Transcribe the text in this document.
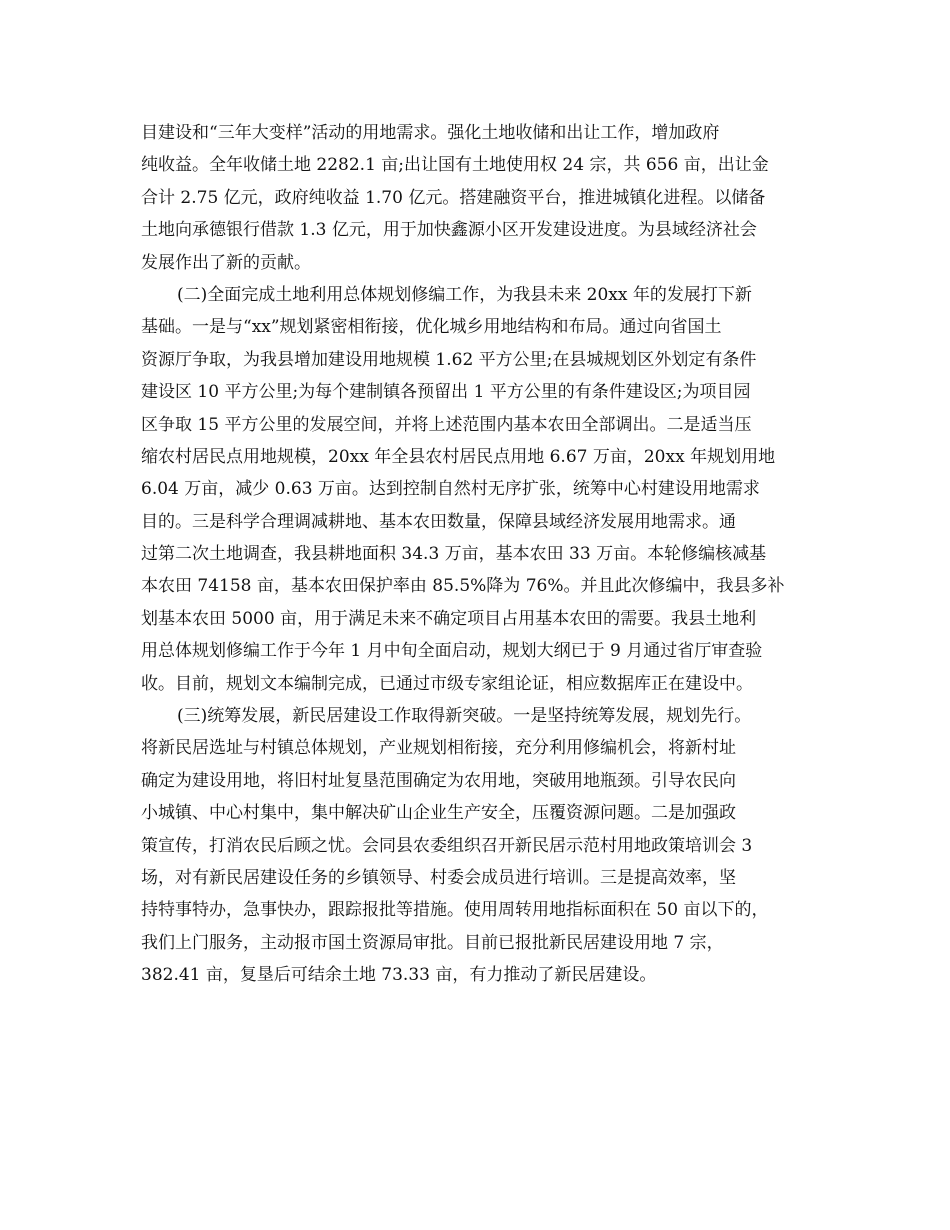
目建设和“三年大变样”活动的用地需求。强化土地收储和出让工作，增加政府
纯收益。全年收储土地 2282.1 亩;出让国有土地使用权 24 宗，共 656 亩，出让金
合计 2.75 亿元，政府纯收益 1.70 亿元。搭建融资平台，推进城镇化进程。以储备
土地向承德银行借款 1.3 亿元，用于加快鑫源小区开发建设进度。为县域经济社会
发展作出了新的贡献。
(二)全面完成土地利用总体规划修编工作，为我县未来 20xx 年的发展打下新
基础。一是与“xx”规划紧密相衔接，优化城乡用地结构和布局。通过向省国土
资源厅争取，为我县增加建设用地规模 1.62 平方公里;在县城规划区外划定有条件
建设区 10 平方公里;为每个建制镇各预留出 1 平方公里的有条件建设区;为项目园
区争取 15 平方公里的发展空间，并将上述范围内基本农田全部调出。二是适当压
缩农村居民点用地规模，20xx 年全县农村居民点用地 6.67 万亩，20xx 年规划用地
6.04 万亩，减少 0.63 万亩。达到控制自然村无序扩张，统筹中心村建设用地需求
目的。三是科学合理调减耕地、基本农田数量，保障县域经济发展用地需求。通
过第二次土地调查，我县耕地面积 34.3 万亩，基本农田 33 万亩。本轮修编核减基
本农田 74158 亩，基本农田保护率由 85.5%降为 76%。并且此次修编中，我县多补
划基本农田 5000 亩，用于满足未来不确定项目占用基本农田的需要。我县土地利
用总体规划修编工作于今年 1 月中旬全面启动，规划大纲已于 9 月通过省厅审查验
收。目前，规划文本编制完成，已通过市级专家组论证，相应数据库正在建设中。
(三)统筹发展，新民居建设工作取得新突破。一是坚持统筹发展，规划先行。
将新民居选址与村镇总体规划，产业规划相衔接，充分利用修编机会，将新村址
确定为建设用地，将旧村址复垦范围确定为农用地，突破用地瓶颈。引导农民向
小城镇、中心村集中，集中解决矿山企业生产安全，压覆资源问题。二是加强政
策宣传，打消农民后顾之忧。会同县农委组织召开新民居示范村用地政策培训会 3
场，对有新民居建设任务的乡镇领导、村委会成员进行培训。三是提高效率，坚
持特事特办，急事快办，跟踪报批等措施。使用周转用地指标面积在 50 亩以下的，
我们上门服务，主动报市国土资源局审批。目前已报批新民居建设用地 7 宗，
382.41 亩，复垦后可结余土地 73.33 亩，有力推动了新民居建设。
